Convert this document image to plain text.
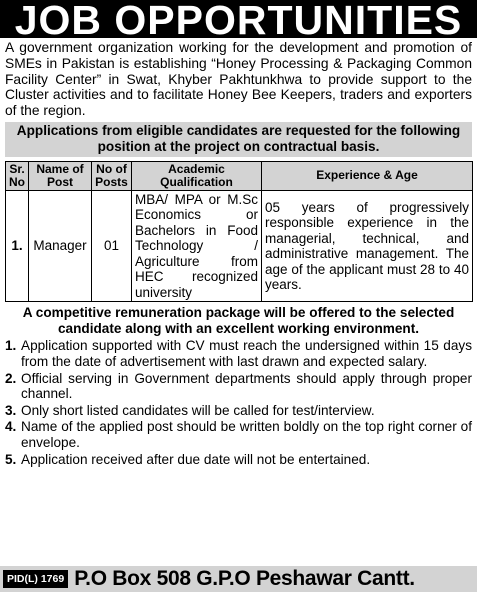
JOB OPPORTUNITIES

A government organization working for the development and promotion of SMEs in Pakistan is establishing “Honey Processing & Packaging Common Facility Center” in Swat, Khyber Pakhtunkhwa to provide support to the Cluster activities and to facilitate Honey Bee Keepers, traders and exporters of the region.

Applications from eligible candidates are requested for the following position at the project on contractual basis.
Sr. No	Name of Post	No of Posts	Academic Qualification	Experience & Age
1.	Manager	01	MBA/ MPA or M.Sc Economics or Bachelors in Food Technology / Agriculture from HEC recognized university	05 years of progressively responsible experience in the managerial, technical, and administrative management. The age of the applicant must 28 to 40 years.
A competitive remuneration package will be offered to the selected candidate along with an excellent working environment.
1. Application supported with CV must reach the undersigned within 15 days from the date of advertisement with last drawn and expected salary.
2. Official serving in Government departments should apply through proper channel.
3. Only short listed candidates will be called for test/interview.
4. Name of the applied post should be written boldly on the top right corner of envelope.
5. Application received after due date will not be entertained.
PID(L) 1769 P.O Box 508 G.P.O Peshawar Cantt.
